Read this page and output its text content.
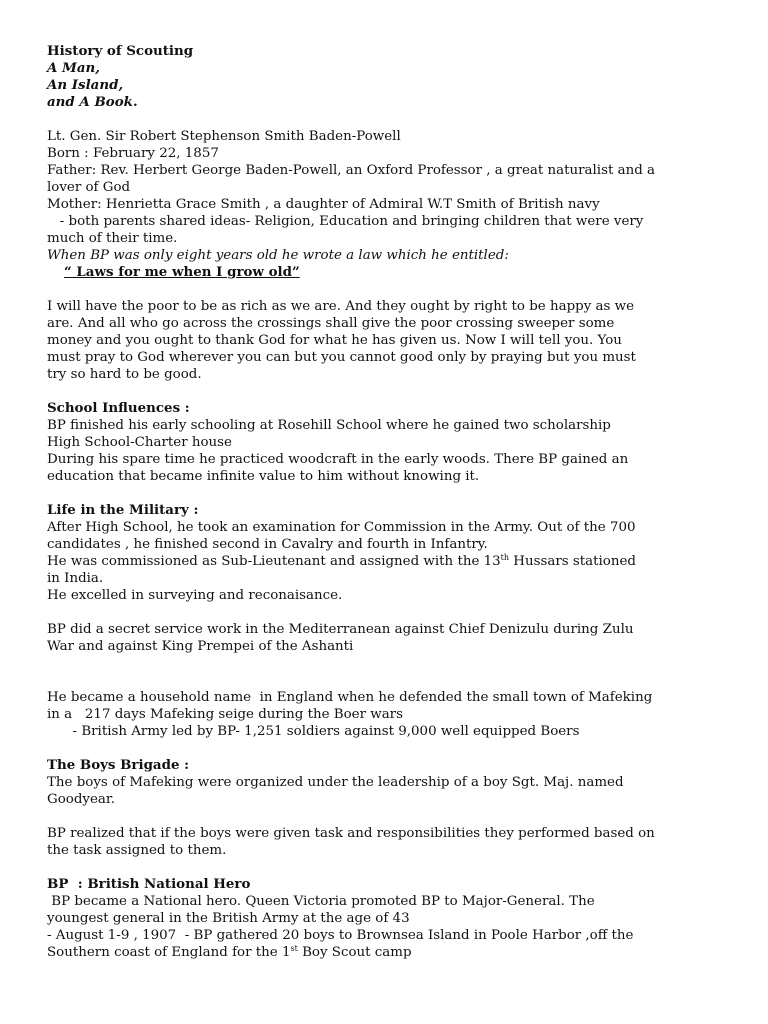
History of Scouting
A Man,
An Island,
and A Book.
Lt. Gen. Sir Robert Stephenson Smith Baden-Powell
Born : February 22, 1857
Father: Rev. Herbert George Baden-Powell, an Oxford Professor , a great naturalist and a
lover of God
Mother: Henrietta Grace Smith , a daughter of Admiral W.T Smith of British navy
- both parents shared ideas- Religion, Education and bringing children that were very
much of their time.
When BP was only eight years old he wrote a law which he entitled:
“ Laws for me when I grow old”
I will have the poor to be as rich as we are. And they ought by right to be happy as we
are. And all who go across the crossings shall give the poor crossing sweeper some
money and you ought to thank God for what he has given us. Now I will tell you. You
must pray to God wherever you can but you cannot good only by praying but you must
try so hard to be good.
School Influences :
BP finished his early schooling at Rosehill School where he gained two scholarship
High School-Charter house
During his spare time he practiced woodcraft in the early woods. There BP gained an
education that became infinite value to him without knowing it.
Life in the Military :
After High School, he took an examination for Commission in the Army. Out of the 700
candidates , he finished second in Cavalry and fourth in Infantry.
He was commissioned as Sub-Lieutenant and assigned with the 13th Hussars stationed
in India.
He excelled in surveying and reconaisance.
BP did a secret service work in the Mediterranean against Chief Denizulu during Zulu
War and against King Prempei of the Ashanti
He became a household name  in England when he defended the small town of Mafeking
in a   217 days Mafeking seige during the Boer wars
- British Army led by BP- 1,251 soldiers against 9,000 well equipped Boers
The Boys Brigade :
The boys of Mafeking were organized under the leadership of a boy Sgt. Maj. named
Goodyear.
BP realized that if the boys were given task and responsibilities they performed based on
the task assigned to them.
BP  : British National Hero
BP became a National hero. Queen Victoria promoted BP to Major-General. The
youngest general in the British Army at the age of 43
- August 1-9 , 1907  - BP gathered 20 boys to Brownsea Island in Poole Harbor ,off the
Southern coast of England for the 1st Boy Scout camp
